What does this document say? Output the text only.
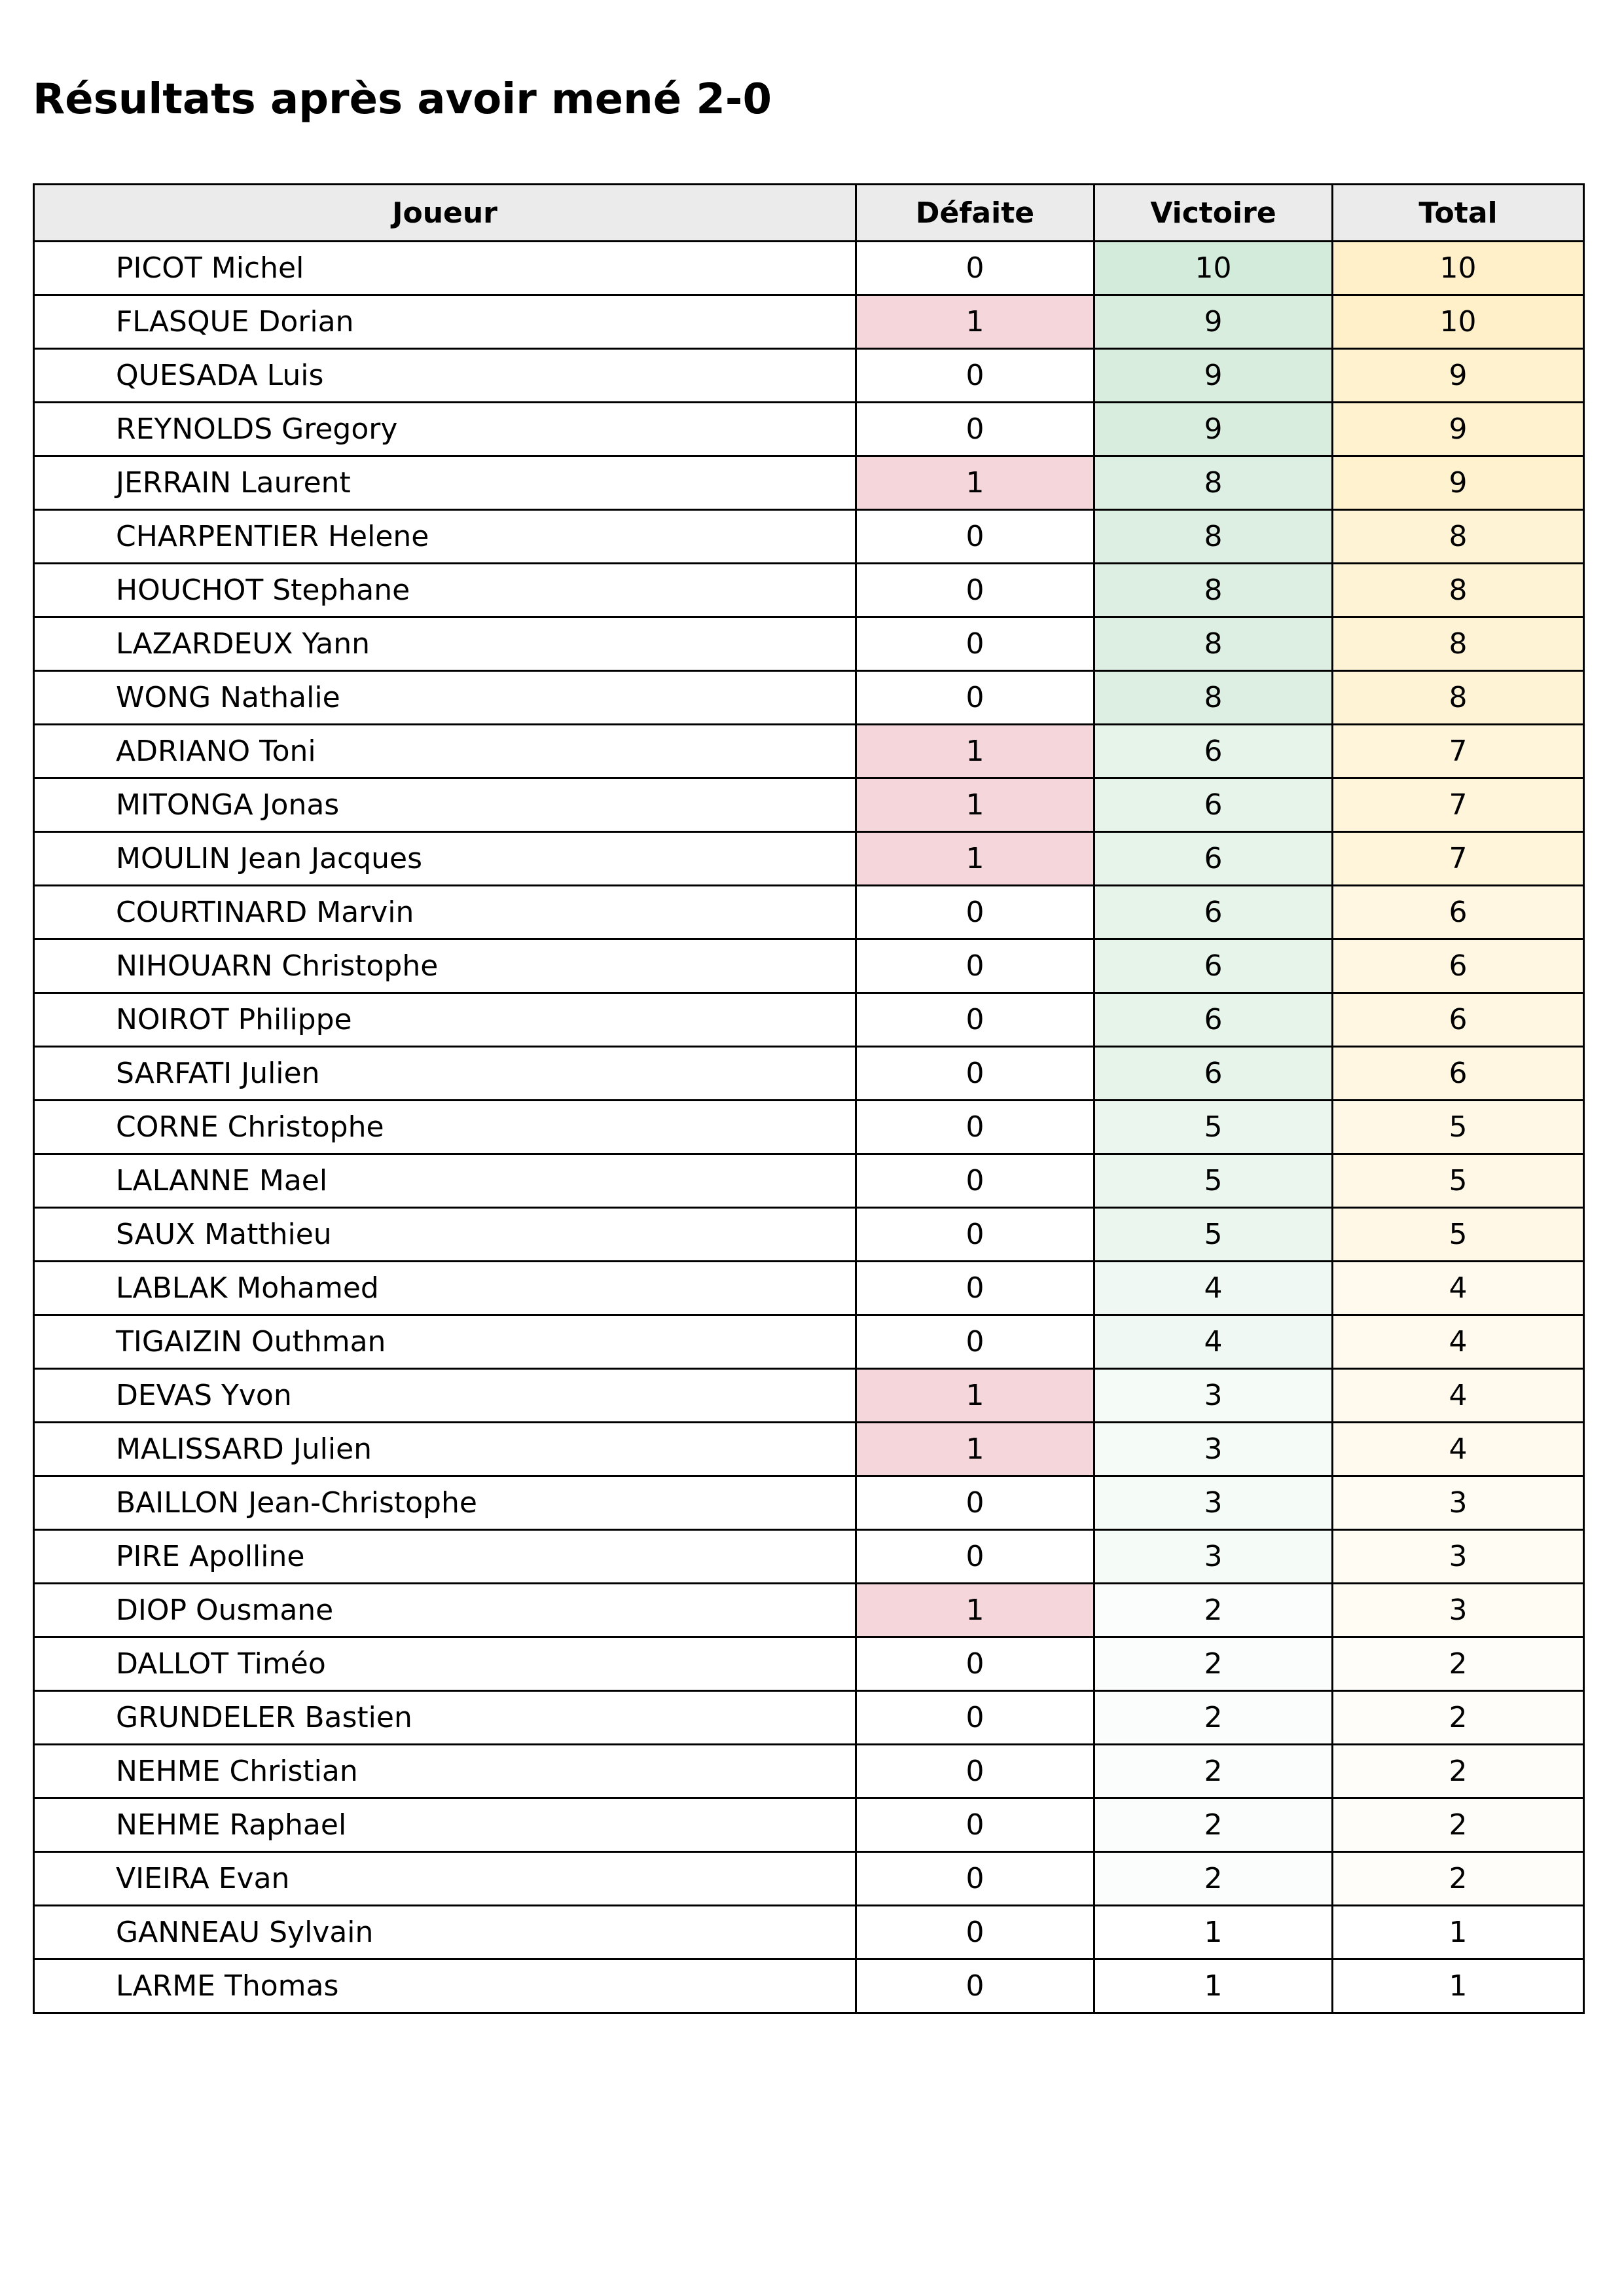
Résultats après avoir mené 2-0
Joueur	Défaite	Victoire	Total
PICOT Michel	0	10	10
FLASQUE Dorian	1	9	10
QUESADA Luis	0	9	9
REYNOLDS Gregory	0	9	9
JERRAIN Laurent	1	8	9
CHARPENTIER Helene	0	8	8
HOUCHOT Stephane	0	8	8
LAZARDEUX Yann	0	8	8
WONG Nathalie	0	8	8
ADRIANO Toni	1	6	7
MITONGA Jonas	1	6	7
MOULIN Jean Jacques	1	6	7
COURTINARD Marvin	0	6	6
NIHOUARN Christophe	0	6	6
NOIROT Philippe	0	6	6
SARFATI Julien	0	6	6
CORNE Christophe	0	5	5
LALANNE Mael	0	5	5
SAUX Matthieu	0	5	5
LABLAK Mohamed	0	4	4
TIGAIZIN Outhman	0	4	4
DEVAS Yvon	1	3	4
MALISSARD Julien	1	3	4
BAILLON Jean-Christophe	0	3	3
PIRE Apolline	0	3	3
DIOP Ousmane	1	2	3
DALLOT Timéo	0	2	2
GRUNDELER Bastien	0	2	2
NEHME Christian	0	2	2
NEHME Raphael	0	2	2
VIEIRA Evan	0	2	2
GANNEAU Sylvain	0	1	1
LARME Thomas	0	1	1
